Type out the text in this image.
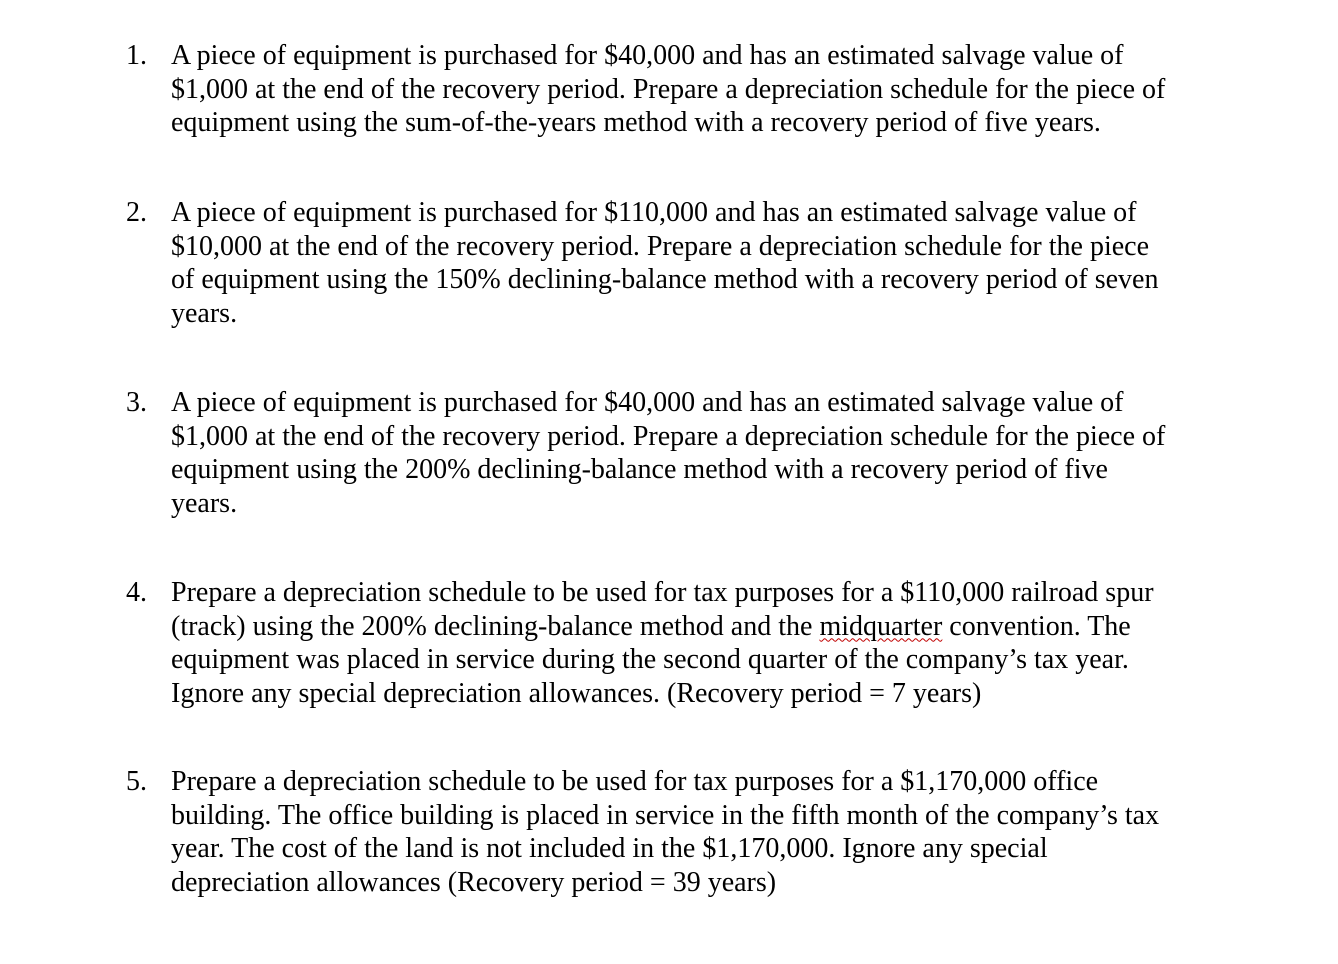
1. A piece of equipment is purchased for $40,000 and has an estimated salvage value of
$1,000 at the end of the recovery period. Prepare a depreciation schedule for the piece of
equipment using the sum-of-the-years method with a recovery period of five years.
2. A piece of equipment is purchased for $110,000 and has an estimated salvage value of
$10,000 at the end of the recovery period. Prepare a depreciation schedule for the piece
of equipment using the 150% declining-balance method with a recovery period of seven
years.
3. A piece of equipment is purchased for $40,000 and has an estimated salvage value of
$1,000 at the end of the recovery period. Prepare a depreciation schedule for the piece of
equipment using the 200% declining-balance method with a recovery period of five
years.
4. Prepare a depreciation schedule to be used for tax purposes for a $110,000 railroad spur
(track) using the 200% declining-balance method and the midquarter convention. The
equipment was placed in service during the second quarter of the company’s tax year.
Ignore any special depreciation allowances. (Recovery period = 7 years)
5. Prepare a depreciation schedule to be used for tax purposes for a $1,170,000 office
building. The office building is placed in service in the fifth month of the company’s tax
year. The cost of the land is not included in the $1,170,000. Ignore any special
depreciation allowances (Recovery period = 39 years)
